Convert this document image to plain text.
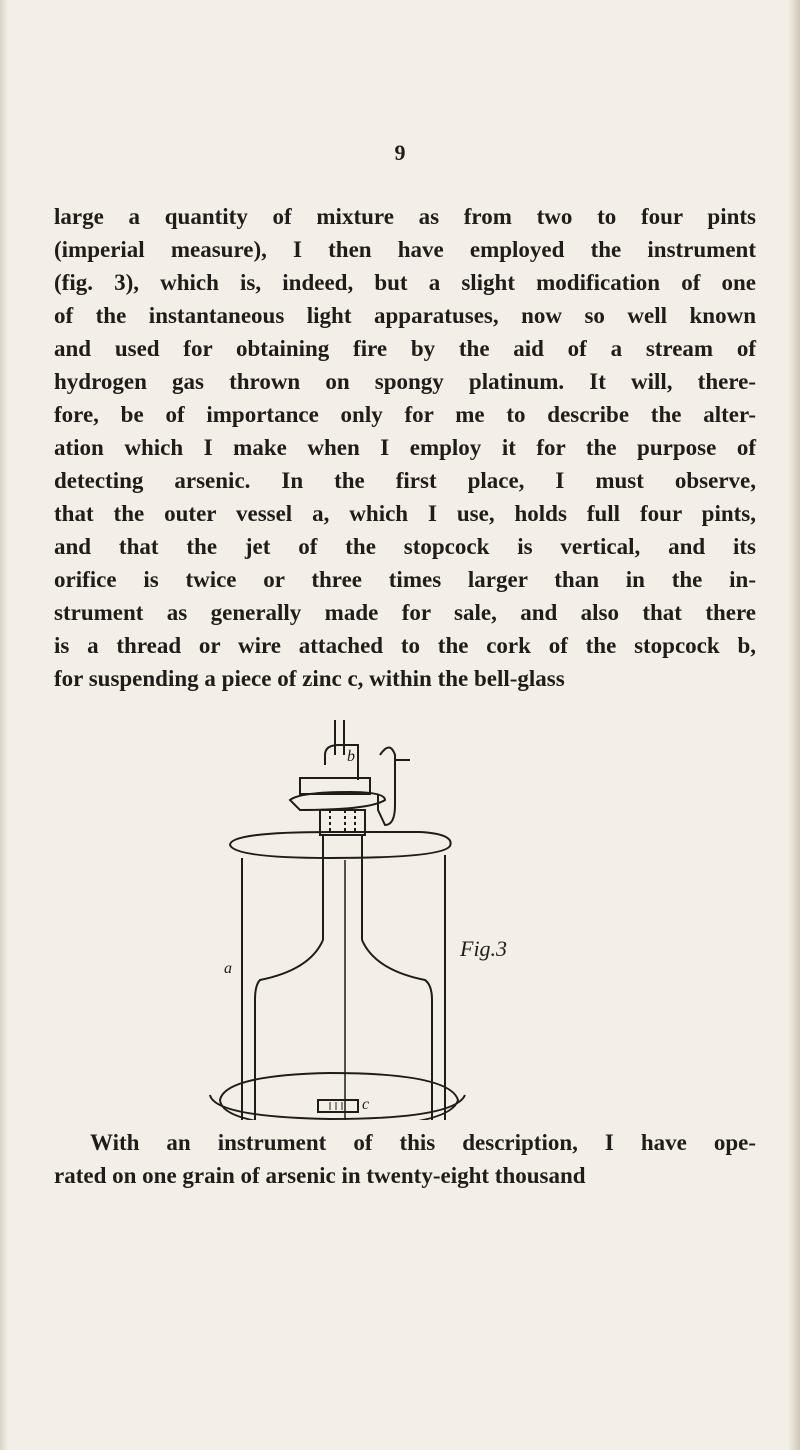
9
large a quantity of mixture as from two to four pints
(imperial measure), I then have employed the instrument
(fig. 3), which is, indeed, but a slight modification of one
of the instantaneous light apparatuses, now so well known
and used for obtaining fire by the aid of a stream of
hydrogen gas thrown on spongy platinum. It will, there-
fore, be of importance only for me to describe the alter-
ation which I make when I employ it for the purpose of
detecting arsenic. In the first place, I must observe,
that the outer vessel a, which I use, holds full four pints,
and that the jet of the stopcock is vertical, and its
orifice is twice or three times larger than in the in-
strument as generally made for sale, and also that there
is a thread or wire attached to the cork of the stopcock b,
for suspending a piece of zinc c, within the bell-glass
Fig.3
a
b
c
With an instrument of this description, I have ope-
rated on one grain of arsenic in twenty-eight thousand
